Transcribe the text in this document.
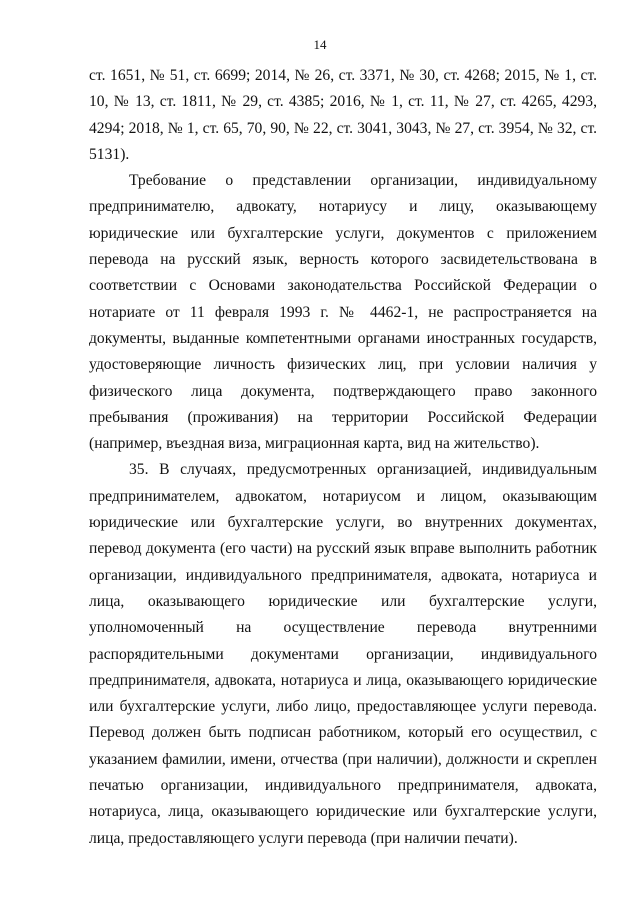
14

ст. 1651, № 51, ст. 6699; 2014, № 26, ст. 3371, № 30, ст. 4268; 2015, № 1, ст. 10, № 13, ст. 1811, № 29, ст. 4385; 2016, № 1, ст. 11, № 27, ст. 4265, 4293, 4294; 2018, № 1, ст. 65, 70, 90, № 22, ст. 3041, 3043, № 27, ст. 3954, № 32, ст. 5131).

Требование о представлении организации, индивидуальному предпринимателю, адвокату, нотариусу и лицу, оказывающему юридические или бухгалтерские услуги, документов с приложением перевода на русский язык, верность которого засвидетельствована в соответствии с Основами законодательства Российской Федерации о нотариате от 11 февраля 1993 г. № 4462-1, не распространяется на документы, выданные компетентными органами иностранных государств, удостоверяющие личность физических лиц, при условии наличия у физического лица документа, подтверждающего право законного пребывания (проживания) на территории Российской Федерации (например, въездная виза, миграционная карта, вид на жительство).

35. В случаях, предусмотренных организацией, индивидуальным предпринимателем, адвокатом, нотариусом и лицом, оказывающим юридические или бухгалтерские услуги, во внутренних документах, перевод документа (его части) на русский язык вправе выполнить работник организации, индивидуального предпринимателя, адвоката, нотариуса и лица, оказывающего юридические или бухгалтерские услуги, уполномоченный на осуществление перевода внутренними распорядительными документами организации, индивидуального предпринимателя, адвоката, нотариуса и лица, оказывающего юридические или бухгалтерские услуги, либо лицо, предоставляющее услуги перевода. Перевод должен быть подписан работником, который его осуществил, с указанием фамилии, имени, отчества (при наличии), должности и скреплен печатью организации, индивидуального предпринимателя, адвоката, нотариуса, лица, оказывающего юридические или бухгалтерские услуги, лица, предоставляющего услуги перевода (при наличии печати).
